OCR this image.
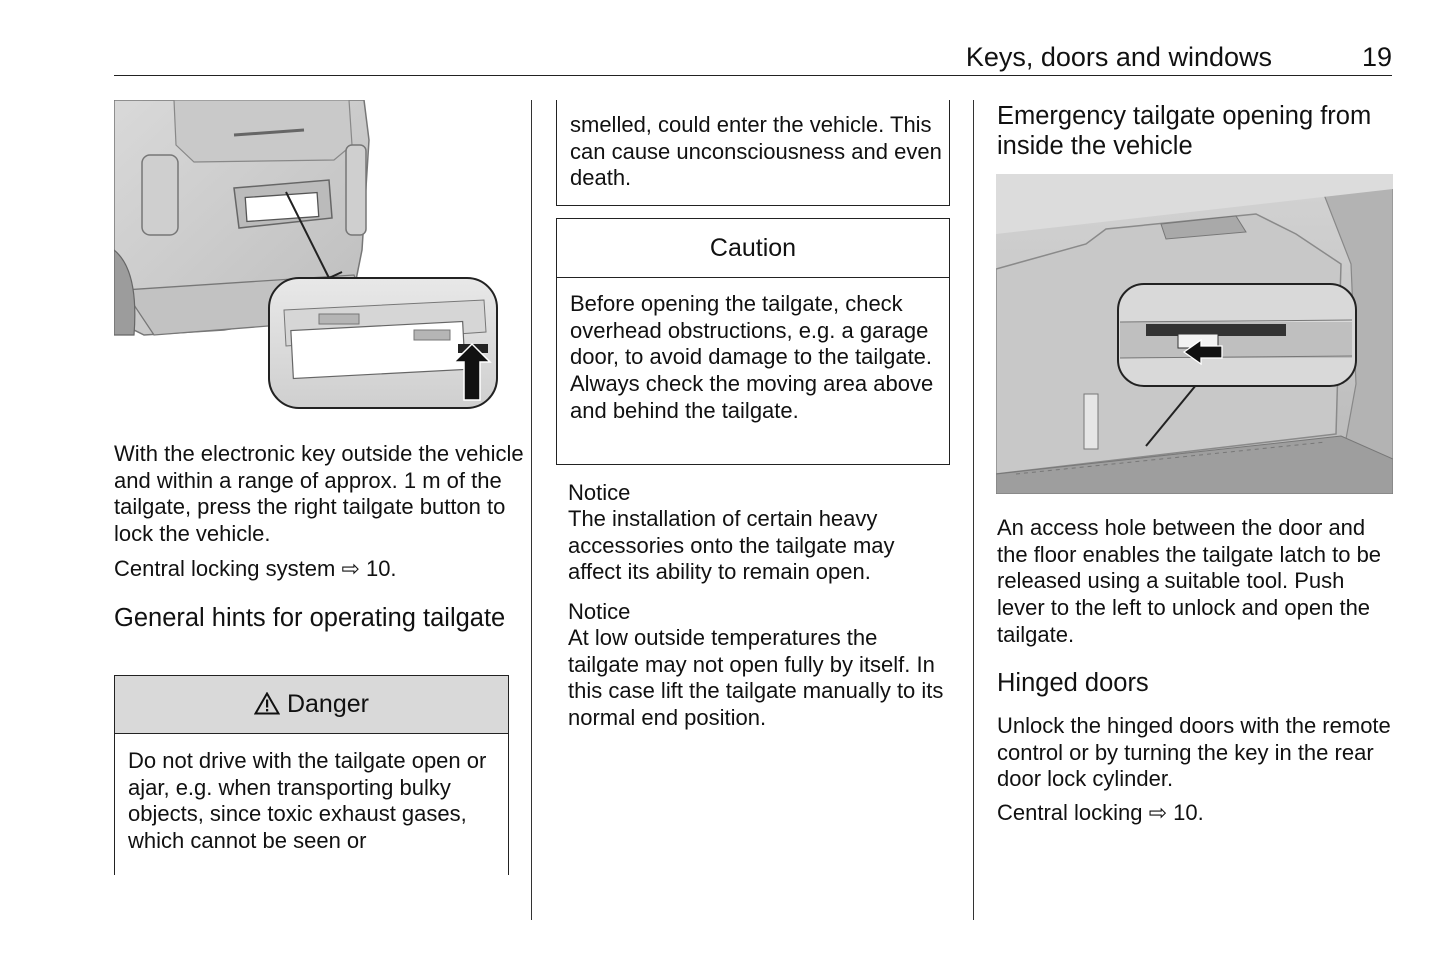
Keys, doors and windows	19

With the electronic key outside the vehicle and within a range of approx. 1 m of the tailgate, press the right tailgate button to lock the vehicle.

Central locking system ⇨ 10.

General hints for operating tailgate
Danger
Do not drive with the tailgate open or ajar, e.g. when transporting bulky objects, since toxic exhaust gases, which cannot be seen or
smelled, could enter the vehicle. This can cause unconsciousness and even death.
Caution
Before opening the tailgate, check overhead obstructions, e.g. a garage door, to avoid damage to the tailgate. Always check the moving area above and behind the tailgate.
Notice

The installation of certain heavy accessories onto the tailgate may affect its ability to remain open.

Notice

At low outside temperatures the tailgate may not open fully by itself. In this case lift the tailgate manually to its normal end position.

Emergency tailgate opening from inside the vehicle

An access hole between the door and the floor enables the tailgate latch to be released using a suitable tool. Push lever to the left to unlock and open the tailgate.

Hinged doors

Unlock the hinged doors with the remote control or by turning the key in the rear door lock cylinder.

Central locking ⇨ 10.
